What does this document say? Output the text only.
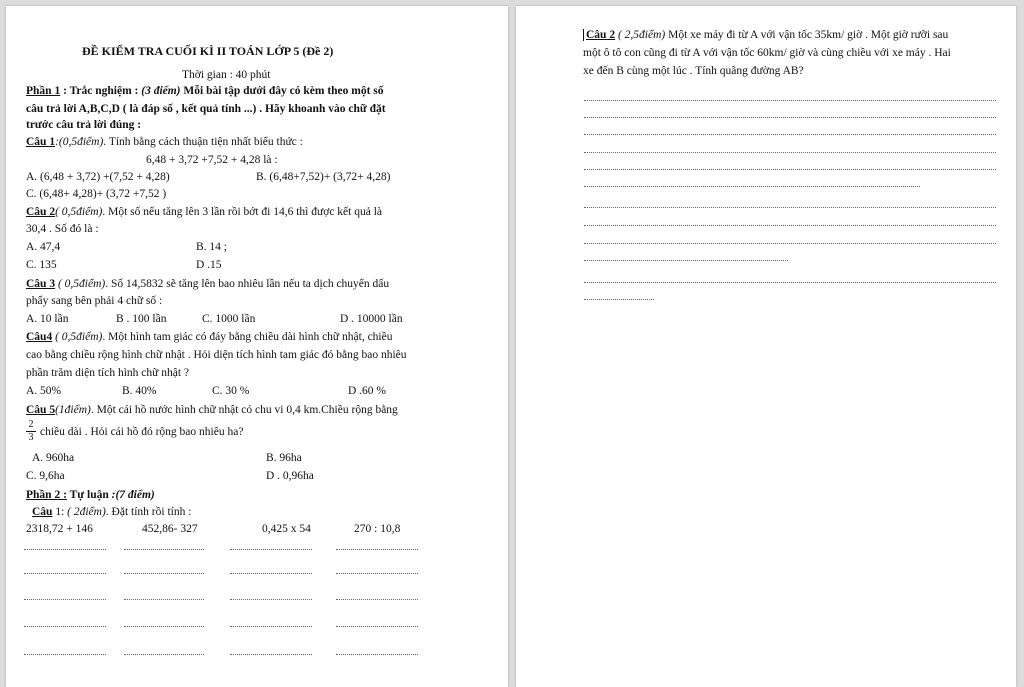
ĐỀ KIỂM TRA CUỐI KÌ II TOÁN LỚP 5 (Đề 2)
Thời gian : 40 phút
Phần 1 : Trắc nghiệm : (3 điểm) Mỗi bài tập dưới đây có kèm theo một số
câu trả lời A,B,C,D ( là đáp số , kết quả tính ...) . Hãy khoanh vào chữ đặt
trước câu trả lời đúng :
Câu 1:(0,5điểm). Tính bằng cách thuận tiện nhất biểu thức :
6,48 + 3,72 +7,52 + 4,28 là :
A. (6,48 + 3,72) +(7,52 + 4,28)	B. (6,48+7,52)+ (3,72+ 4,28)
C. (6,48+ 4,28)+ (3,72 +7,52 )
Câu 2( 0,5điểm). Một số nếu tăng lên 3 lần rồi bớt đi 14,6 thì được kết quả là
30,4 . Số đó là :
A. 47,4	B. 14 ;
C. 135	D .15
Câu 3 ( 0,5điểm). Số 14,5832 sẽ tăng lên bao nhiêu lần nếu ta dịch chuyển dấu
phẩy sang bên phải 4 chữ số :
A. 10 lần	B . 100 lần	C. 1000 lần	D . 10000 lần
Câu4 ( 0,5điểm). Một hình tam giác có đáy bằng chiều dài hình chữ nhật, chiều
cao bằng chiều rộng hình chữ nhật . Hỏi diện tích hình tam giác đó bằng bao nhiêu
phần trăm diện tích hình chữ nhật ?
A. 50%	B. 40%	C. 30 %	D .60 %
Câu 5(1điểm). Một cái hồ nước hình chữ nhật có chu vi 0,4 km.Chiều rộng bằng
$\frac{2}{3}$ chiều dài . Hỏi cái hồ đó rộng bao nhiêu ha?
A. 960ha	B. 96ha
C. 9,6ha	D . 0,96ha
Phần 2 : Tự luận :(7 điểm)
Câu 1: ( 2điểm). Đặt tính rồi tính :
2318,72 + 146	452,86- 327	0,425 x 54	270 : 10,8
Câu 2 ( 2,5điểm) Một xe máy đi từ A với vận tốc 35km/ giờ . Một giờ rưỡi sau
một ô tô con cũng đi từ A với vận tốc 60km/ giờ và cùng chiều với xe máy . Hai
xe đến B cùng một lúc . Tính quãng đường AB?
